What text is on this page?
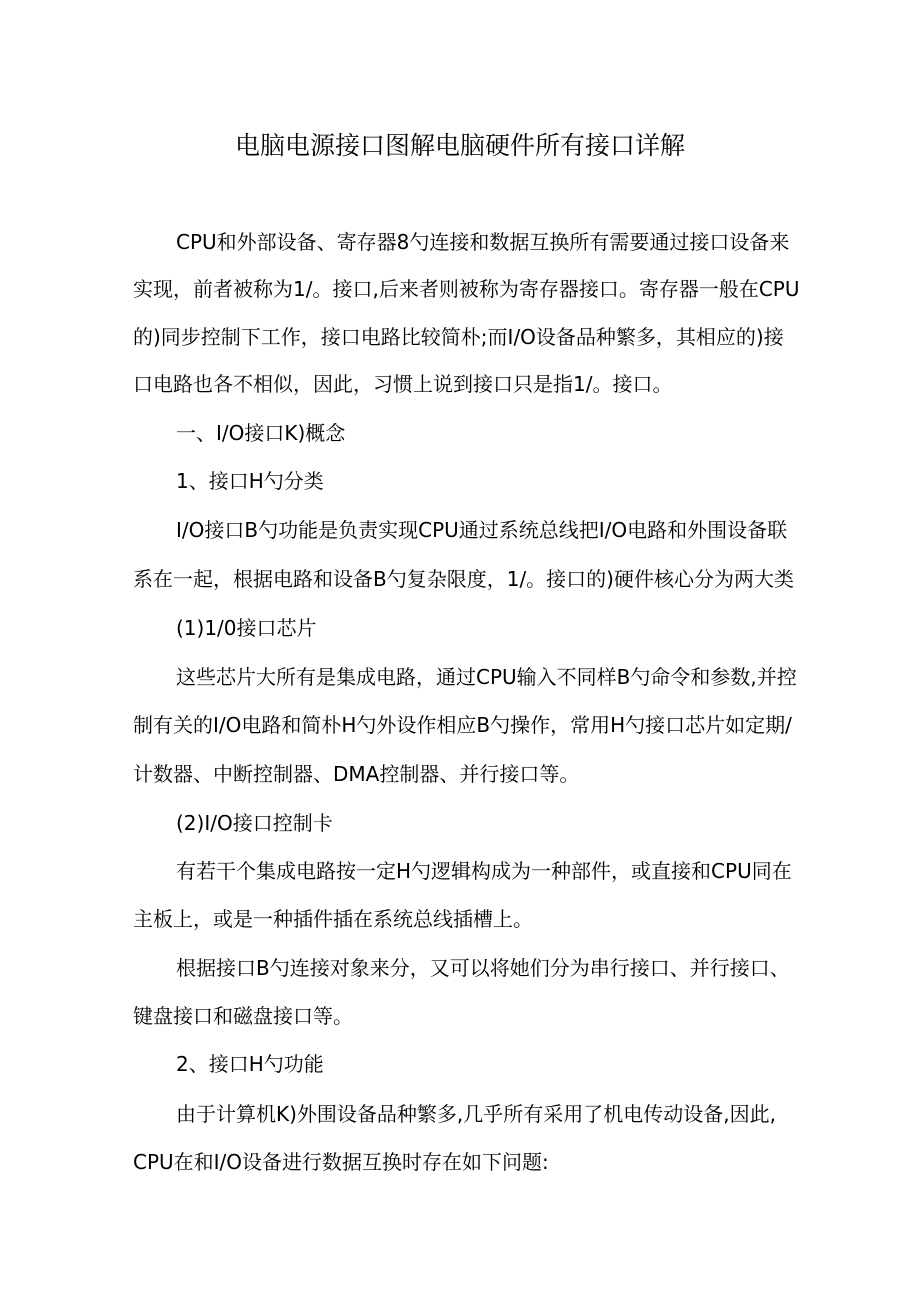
电脑电源接口图解电脑硬件所有接口详解
CPU和外部设备、寄存器8勺连接和数据互换所有需要通过接口设备来
实现，前者被称为1/。接口,后来者则被称为寄存器接口。寄存器一般在CPU
的)同步控制下工作，接口电路比较简朴;而I/O设备品种繁多，其相应的)接
口电路也各不相似，因此，习惯上说到接口只是指1/。接口。
一、I/O接口K)概念
1、接口H勺分类
I/O接口B勺功能是负责实现CPU通过系统总线把I/O电路和外围设备联
系在一起，根据电路和设备B勺复杂限度，1/。接口的)硬件核心分为两大类
(1)1/0接口芯片
这些芯片大所有是集成电路，通过CPU输入不同样B勺命令和参数,并控
制有关的I/O电路和简朴H勺外设作相应B勺操作，常用H勺接口芯片如定期/
计数器、中断控制器、DMA控制器、并行接口等。
(2)I/O接口控制卡
有若干个集成电路按一定H勺逻辑构成为一种部件，或直接和CPU同在
主板上，或是一种插件插在系统总线插槽上。
根据接口B勺连接对象来分，又可以将她们分为串行接口、并行接口、
键盘接口和磁盘接口等。
2、接口H勺功能
由于计算机K)外围设备品种繁多,几乎所有采用了机电传动设备,因此,
CPU在和I/O设备进行数据互换时存在如下问题:
